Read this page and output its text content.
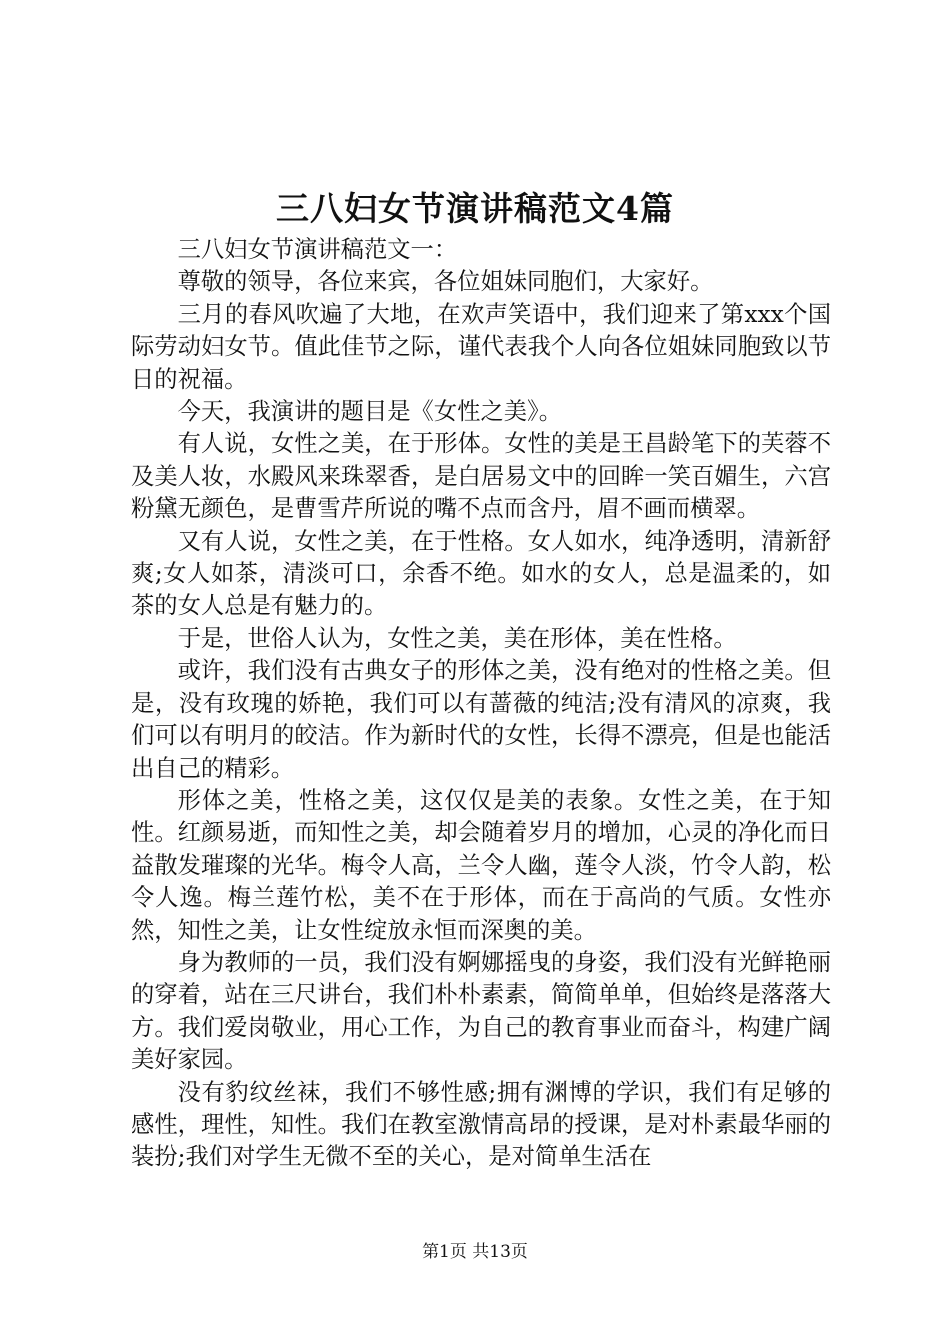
三八妇女节演讲稿范文4篇

三八妇女节演讲稿范文一：

尊敬的领导，各位来宾，各位姐妹同胞们，大家好。

三月的春风吹遍了大地，在欢声笑语中，我们迎来了第xxx个国际劳动妇女节。值此佳节之际，谨代表我个人向各位姐妹同胞致以节日的祝福。

今天，我演讲的题目是《女性之美》。

有人说，女性之美，在于形体。女性的美是王昌龄笔下的芙蓉不及美人妆，水殿风来珠翠香，是白居易文中的回眸一笑百媚生，六宫粉黛无颜色，是曹雪芹所说的嘴不点而含丹，眉不画而横翠。

又有人说，女性之美，在于性格。女人如水，纯净透明，清新舒爽;女人如茶，清淡可口，余香不绝。如水的女人，总是温柔的，如茶的女人总是有魅力的。

于是，世俗人认为，女性之美，美在形体，美在性格。

或许，我们没有古典女子的形体之美，没有绝对的性格之美。但是，没有玫瑰的娇艳，我们可以有蔷薇的纯洁;没有清风的凉爽，我们可以有明月的皎洁。作为新时代的女性，长得不漂亮，但是也能活出自己的精彩。

形体之美，性格之美，这仅仅是美的表象。女性之美，在于知性。红颜易逝，而知性之美，却会随着岁月的增加，心灵的净化而日益散发璀璨的光华。梅令人高，兰令人幽，莲令人淡，竹令人韵，松令人逸。梅兰莲竹松，美不在于形体，而在于高尚的气质。女性亦然，知性之美，让女性绽放永恒而深奥的美。

身为教师的一员，我们没有婀娜摇曳的身姿，我们没有光鲜艳丽的穿着，站在三尺讲台，我们朴朴素素，简简单单，但始终是落落大方。我们爱岗敬业，用心工作，为自己的教育事业而奋斗，构建广阔美好家园。

没有豹纹丝袜，我们不够性感;拥有渊博的学识，我们有足够的感性，理性，知性。我们在教室激情高昂的授课，是对朴素最华丽的装扮;我们对学生无微不至的关心，是对简单生活在

第1页 共13页
